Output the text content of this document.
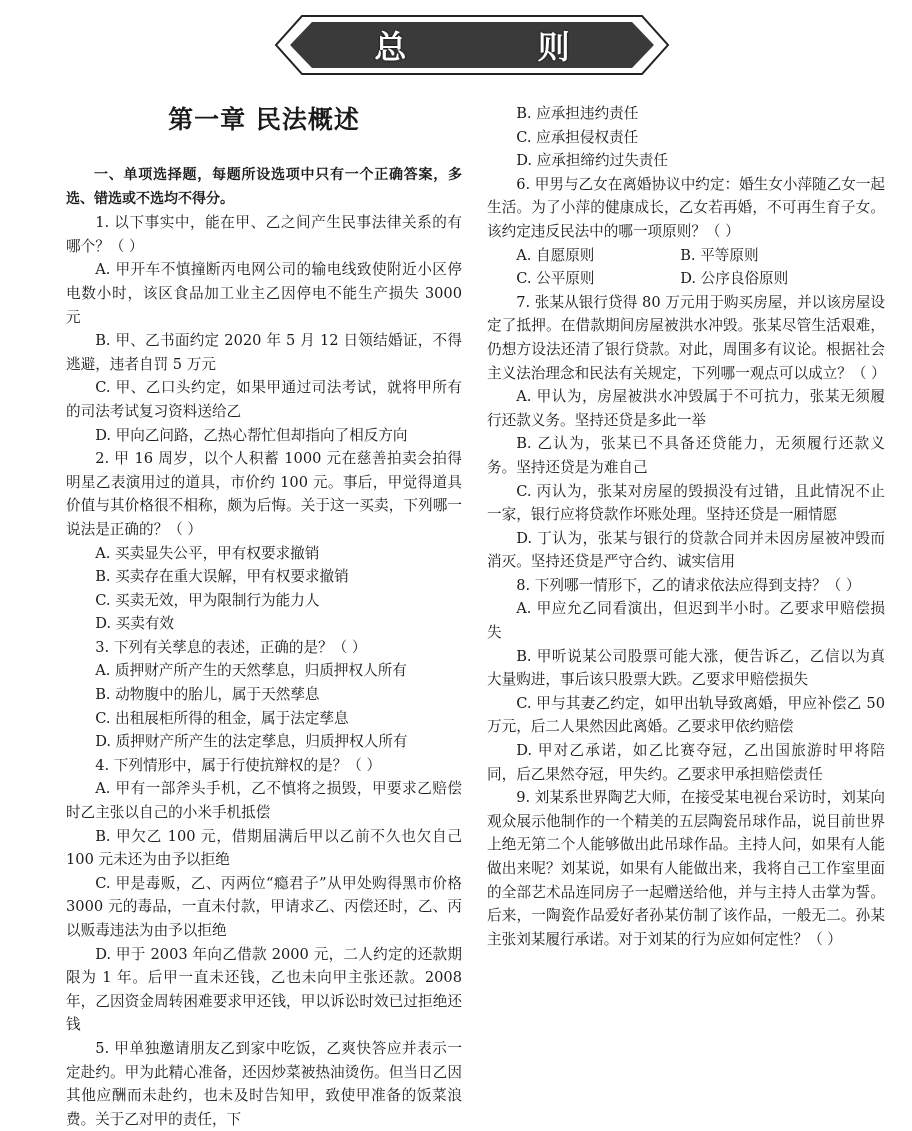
总 则
第一章 民法概述

一、单项选择题，每题所设选项中只有一个正确答案，多选、错选或不选均不得分。

1. 以下事实中，能在甲、乙之间产生民事法律关系的有哪个？（ ）

A. 甲开车不慎撞断丙电网公司的输电线致使附近小区停电数小时，该区食品加工业主乙因停电不能生产损失 3000 元

B. 甲、乙书面约定 2020 年 5 月 12 日领结婚证，不得逃避，违者自罚 5 万元

C. 甲、乙口头约定，如果甲通过司法考试，就将甲所有的司法考试复习资料送给乙

D. 甲向乙问路，乙热心帮忙但却指向了相反方向

2. 甲 16 周岁，以个人积蓄 1000 元在慈善拍卖会拍得明星乙表演用过的道具，市价约 100 元。事后，甲觉得道具价值与其价格很不相称，颇为后悔。关于这一买卖，下列哪一说法是正确的？（ ）

A. 买卖显失公平，甲有权要求撤销

B. 买卖存在重大误解，甲有权要求撤销

C. 买卖无效，甲为限制行为能力人

D. 买卖有效

3. 下列有关孳息的表述，正确的是？（ ）

A. 质押财产所产生的天然孳息，归质押权人所有

B. 动物腹中的胎儿，属于天然孳息

C. 出租展柜所得的租金，属于法定孳息

D. 质押财产所产生的法定孳息，归质押权人所有

4. 下列情形中，属于行使抗辩权的是？（ ）

A. 甲有一部斧头手机，乙不慎将之损毁，甲要求乙赔偿时乙主张以自己的小米手机抵偿

B. 甲欠乙 100 元，借期届满后甲以乙前不久也欠自己 100 元未还为由予以拒绝

C. 甲是毒贩，乙、丙两位“瘾君子”从甲处购得黑市价格 3000 元的毒品，一直未付款，甲请求乙、丙偿还时，乙、丙以贩毒违法为由予以拒绝

D. 甲于 2003 年向乙借款 2000 元，二人约定的还款期限为 1 年。后甲一直未还钱，乙也未向甲主张还款。2008 年，乙因资金周转困难要求甲还钱，甲以诉讼时效已过拒绝还钱

5. 甲单独邀请朋友乙到家中吃饭，乙爽快答应并表示一定赴约。甲为此精心准备，还因炒菜被热油烫伤。但当日乙因其他应酬而未赴约，也未及时告知甲，致使甲准备的饭菜浪费。关于乙对甲的责任，下

B. 应承担违约责任

C. 应承担侵权责任

D. 应承担缔约过失责任

6. 甲男与乙女在离婚协议中约定：婚生女小萍随乙女一起生活。为了小萍的健康成长，乙女若再婚，不可再生育子女。该约定违反民法中的哪一项原则？（ ）

A. 自愿原则	B. 平等原则
C. 公平原则	D. 公序良俗原则

7. 张某从银行贷得 80 万元用于购买房屋，并以该房屋设定了抵押。在借款期间房屋被洪水冲毁。张某尽管生活艰难，仍想方设法还清了银行贷款。对此，周围多有议论。根据社会主义法治理念和民法有关规定，下列哪一观点可以成立？（ ）

A. 甲认为，房屋被洪水冲毁属于不可抗力，张某无须履行还款义务。坚持还贷是多此一举

B. 乙认为，张某已不具备还贷能力，无须履行还款义务。坚持还贷是为难自己

C. 丙认为，张某对房屋的毁损没有过错，且此情况不止一家，银行应将贷款作坏账处理。坚持还贷是一厢情愿

D. 丁认为，张某与银行的贷款合同并未因房屋被冲毁而消灭。坚持还贷是严守合约、诚实信用

8. 下列哪一情形下，乙的请求依法应得到支持？（ ）

A. 甲应允乙同看演出，但迟到半小时。乙要求甲赔偿损失

B. 甲听说某公司股票可能大涨，便告诉乙，乙信以为真大量购进，事后该只股票大跌。乙要求甲赔偿损失

C. 甲与其妻乙约定，如甲出轨导致离婚，甲应补偿乙 50 万元，后二人果然因此离婚。乙要求甲依约赔偿

D. 甲对乙承诺，如乙比赛夺冠，乙出国旅游时甲将陪同，后乙果然夺冠，甲失约。乙要求甲承担赔偿责任

9. 刘某系世界陶艺大师，在接受某电视台采访时，刘某向观众展示他制作的一个精美的五层陶瓷吊球作品，说目前世界上绝无第二个人能够做出此吊球作品。主持人问，如果有人能做出来呢？刘某说，如果有人能做出来，我将自己工作室里面的全部艺术品连同房子一起赠送给他，并与主持人击掌为誓。后来，一陶瓷作品爱好者孙某仿制了该作品，一般无二。孙某主张刘某履行承诺。对于刘某的行为应如何定性？（ ）
